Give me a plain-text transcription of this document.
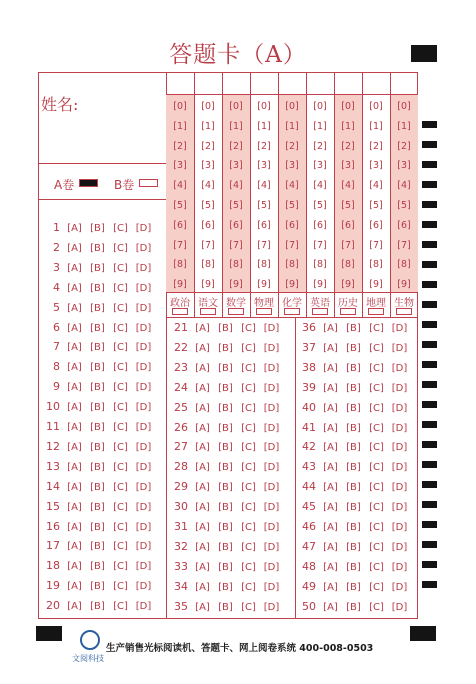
答题卡（A）
姓名:
A卷	B卷
[0]
[1]
[2]
[3]
[4]
[5]
[6]
[7]
[8]
[9]
政治
[0]
[1]
[2]
[3]
[4]
[5]
[6]
[7]
[8]
[9]
语文
[0]
[1]
[2]
[3]
[4]
[5]
[6]
[7]
[8]
[9]
数学
[0]
[1]
[2]
[3]
[4]
[5]
[6]
[7]
[8]
[9]
物理
[0]
[1]
[2]
[3]
[4]
[5]
[6]
[7]
[8]
[9]
化学
[0]
[1]
[2]
[3]
[4]
[5]
[6]
[7]
[8]
[9]
英语
[0]
[1]
[2]
[3]
[4]
[5]
[6]
[7]
[8]
[9]
历史
[0]
[1]
[2]
[3]
[4]
[5]
[6]
[7]
[8]
[9]
地理
[0]
[1]
[2]
[3]
[4]
[5]
[6]
[7]
[8]
[9]
生物
1 [A] [B] [C] [D]
2 [A] [B] [C] [D]
3 [A] [B] [C] [D]
4 [A] [B] [C] [D]
5 [A] [B] [C] [D]
6 [A] [B] [C] [D]
7 [A] [B] [C] [D]
8 [A] [B] [C] [D]
9 [A] [B] [C] [D]
10 [A] [B] [C] [D]
11 [A] [B] [C] [D]
12 [A] [B] [C] [D]
13 [A] [B] [C] [D]
14 [A] [B] [C] [D]
15 [A] [B] [C] [D]
16 [A] [B] [C] [D]
17 [A] [B] [C] [D]
18 [A] [B] [C] [D]
19 [A] [B] [C] [D]
20 [A] [B] [C] [D]
21 [A] [B] [C] [D]
22 [A] [B] [C] [D]
23 [A] [B] [C] [D]
24 [A] [B] [C] [D]
25 [A] [B] [C] [D]
26 [A] [B] [C] [D]
27 [A] [B] [C] [D]
28 [A] [B] [C] [D]
29 [A] [B] [C] [D]
30 [A] [B] [C] [D]
31 [A] [B] [C] [D]
32 [A] [B] [C] [D]
33 [A] [B] [C] [D]
34 [A] [B] [C] [D]
35 [A] [B] [C] [D]
36 [A] [B] [C] [D]
37 [A] [B] [C] [D]
38 [A] [B] [C] [D]
39 [A] [B] [C] [D]
40 [A] [B] [C] [D]
41 [A] [B] [C] [D]
42 [A] [B] [C] [D]
43 [A] [B] [C] [D]
44 [A] [B] [C] [D]
45 [A] [B] [C] [D]
46 [A] [B] [C] [D]
47 [A] [B] [C] [D]
48 [A] [B] [C] [D]
49 [A] [B] [C] [D]
50 [A] [B] [C] [D]
文阅科技
生产销售光标阅读机、答题卡、网上阅卷系统 400-008-0503
